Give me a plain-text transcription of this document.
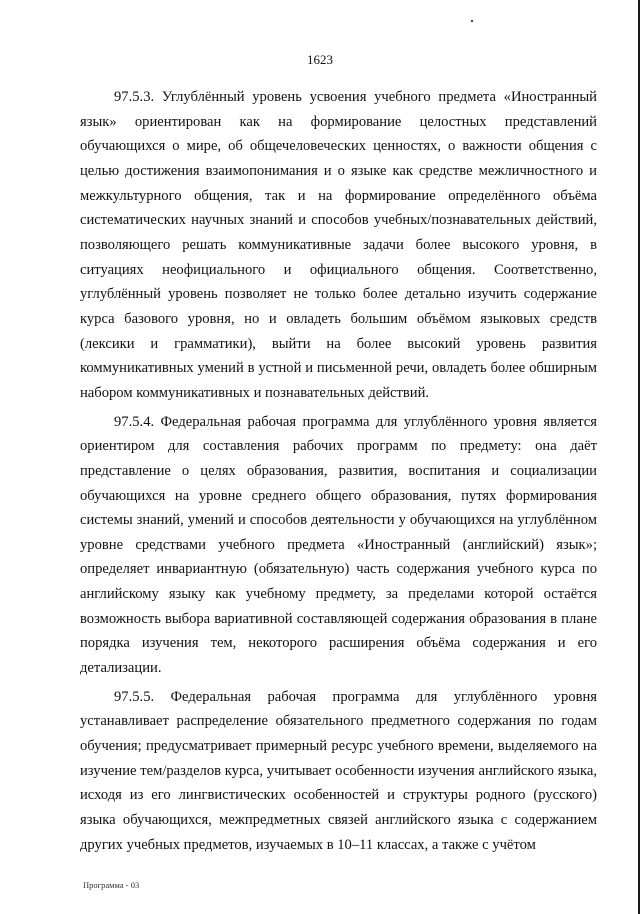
1623

97.5.3. Углублённый уровень усвоения учебного предмета «Иностранный язык» ориентирован как на формирование целостных представлений обучающихся о мире, об общечеловеческих ценностях, о важности общения с целью достижения взаимопонимания и о языке как средстве межличностного и межкультурного общения, так и на формирование определённого объёма систематических научных знаний и способов учебных/познавательных действий, позволяющего решать коммуникативные задачи более высокого уровня, в ситуациях неофициального и официального общения. Соответственно, углублённый уровень позволяет не только более детально изучить содержание курса базового уровня, но и овладеть большим объёмом языковых средств (лексики и грамматики), выйти на более высокий уровень развития коммуникативных умений в устной и письменной речи, овладеть более обширным набором коммуникативных и познавательных действий.

97.5.4. Федеральная рабочая программа для углублённого уровня является ориентиром для составления рабочих программ по предмету: она даёт представление о целях образования, развития, воспитания и социализации обучающихся на уровне среднего общего образования, путях формирования системы знаний, умений и способов деятельности у обучающихся на углублённом уровне средствами учебного предмета «Иностранный (английский) язык»; определяет инвариантную (обязательную) часть содержания учебного курса по английскому языку как учебному предмету, за пределами которой остаётся возможность выбора вариативной составляющей содержания образования в плане порядка изучения тем, некоторого расширения объёма содержания и его детализации.

97.5.5. Федеральная рабочая программа для углублённого уровня устанавливает распределение обязательного предметного содержания по годам обучения; предусматривает примерный ресурс учебного времени, выделяемого на изучение тем/разделов курса, учитывает особенности изучения английского языка, исходя из его лингвистических особенностей и структуры родного (русского) языка обучающихся, межпредметных связей английского языка с содержанием других учебных предметов, изучаемых в 10–11 классах, а также с учётом

Программа - 03
